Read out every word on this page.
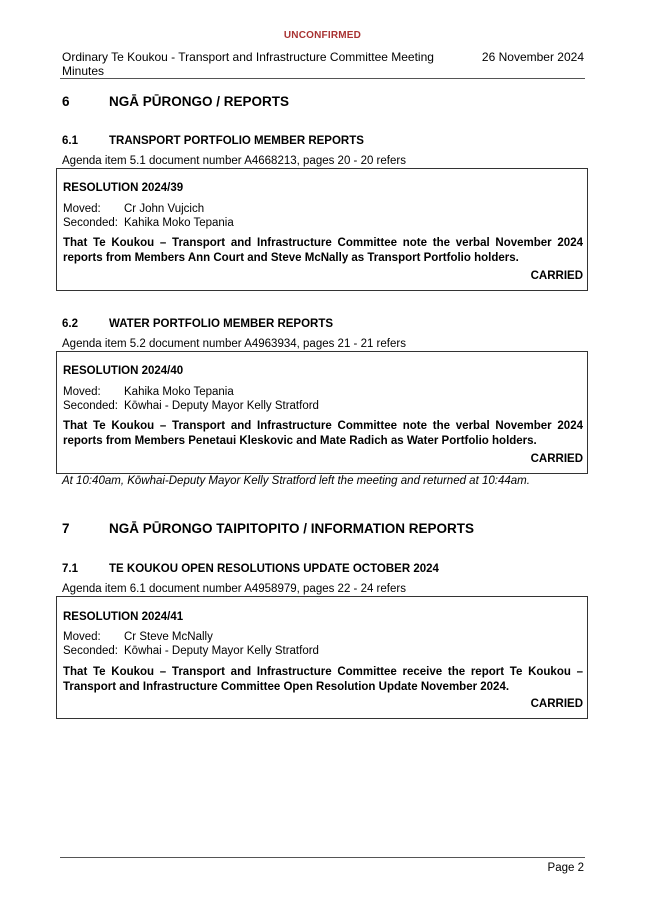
UNCONFIRMED
Ordinary Te Koukou - Transport and Infrastructure Committee Meeting Minutes
26 November 2024
6	NGĀ PŪRONGO / REPORTS
6.1	TRANSPORT PORTFOLIO MEMBER REPORTS
Agenda item 5.1 document number A4668213, pages 20 - 20 refers
RESOLUTION 2024/39
Moved: Cr John Vujcich
Seconded: Kahika Moko Tepania
That Te Koukou – Transport and Infrastructure Committee note the verbal November 2024 reports from Members Ann Court and Steve McNally as Transport Portfolio holders.
CARRIED
6.2	WATER PORTFOLIO MEMBER REPORTS
Agenda item 5.2 document number A4963934, pages 21 - 21 refers
RESOLUTION 2024/40
Moved: Kahika Moko Tepania
Seconded: Kōwhai - Deputy Mayor Kelly Stratford
That Te Koukou – Transport and Infrastructure Committee note the verbal November 2024 reports from Members Penetaui Kleskovic and Mate Radich as Water Portfolio holders.
CARRIED
At 10:40am, Kōwhai-Deputy Mayor Kelly Stratford left the meeting and returned at 10:44am.
7	NGĀ PŪRONGO TAIPITOPITO / INFORMATION REPORTS
7.1	TE KOUKOU OPEN RESOLUTIONS UPDATE OCTOBER 2024
Agenda item 6.1 document number A4958979, pages 22 - 24 refers
RESOLUTION 2024/41
Moved: Cr Steve McNally
Seconded: Kōwhai - Deputy Mayor Kelly Stratford
That Te Koukou – Transport and Infrastructure Committee receive the report Te Koukou – Transport and Infrastructure Committee Open Resolution Update November 2024.
CARRIED
Page 2
